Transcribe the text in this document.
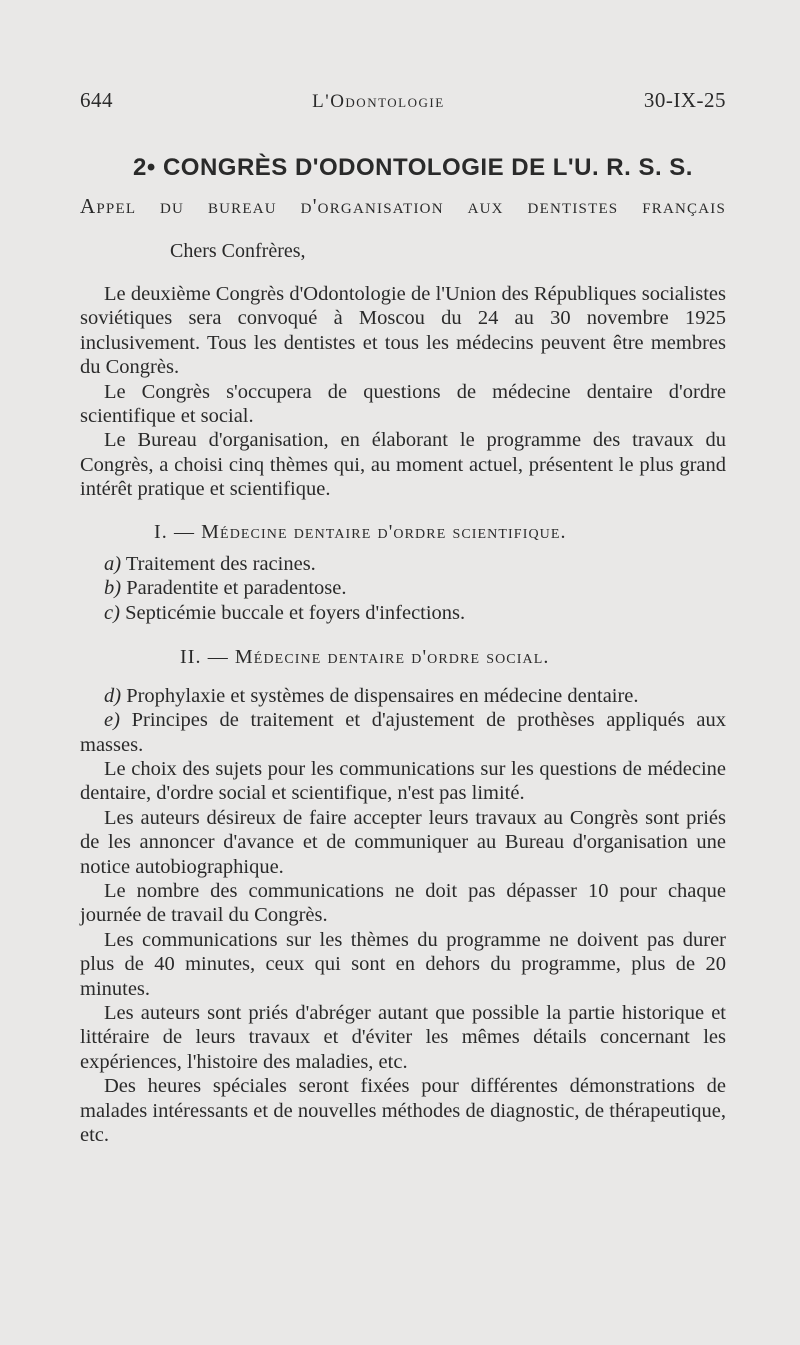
644	L'Odontologie	30-IX-25
2• CONGRÈS D'ODONTOLOGIE DE L'U. R. S. S.
Appel du bureau d'organisation aux dentistes français
Chers Confrères,

Le deuxième Congrès d'Odontologie de l'Union des Républiques socialistes soviétiques sera convoqué à Moscou du 24 au 30 novembre 1925 inclusivement. Tous les dentistes et tous les médecins peuvent être membres du Congrès.

Le Congrès s'occupera de questions de médecine dentaire d'ordre scientifique et social.

Le Bureau d'organisation, en élaborant le programme des travaux du Congrès, a choisi cinq thèmes qui, au moment actuel, présentent le plus grand intérêt pratique et scientifique.

I. — Médecine dentaire d'ordre scientifique.

a) Traitement des racines.

b) Paradentite et paradentose.

c) Septicémie buccale et foyers d'infections.

II. — Médecine dentaire d'ordre social.

d) Prophylaxie et systèmes de dispensaires en médecine dentaire.

e) Principes de traitement et d'ajustement de prothèses appliqués aux masses.

Le choix des sujets pour les communications sur les questions de médecine dentaire, d'ordre social et scientifique, n'est pas limité.

Les auteurs désireux de faire accepter leurs travaux au Congrès sont priés de les annoncer d'avance et de communiquer au Bureau d'organisation une notice autobiographique.

Le nombre des communications ne doit pas dépasser 10 pour chaque journée de travail du Congrès.

Les communications sur les thèmes du programme ne doivent pas durer plus de 40 minutes, ceux qui sont en dehors du programme, plus de 20 minutes.

Les auteurs sont priés d'abréger autant que possible la partie historique et littéraire de leurs travaux et d'éviter les mêmes détails concernant les expériences, l'histoire des maladies, etc.

Des heures spéciales seront fixées pour différentes démonstrations de malades intéressants et de nouvelles méthodes de diagnostic, de thérapeutique, etc.
